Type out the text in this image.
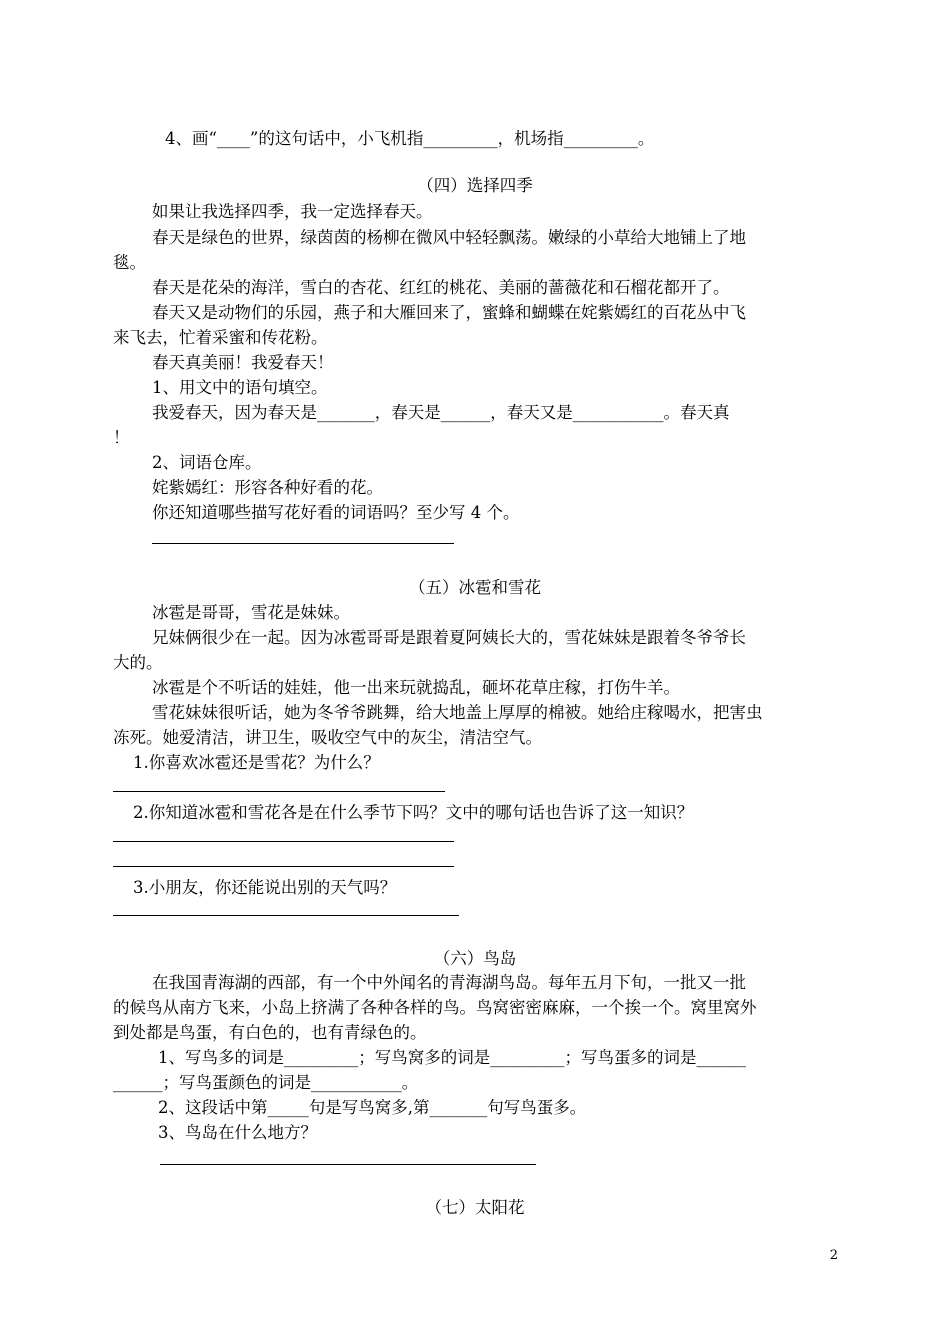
4、画“____”的这句话中，小飞机指_________，机场指_________。
（四）选择四季
如果让我选择四季，我一定选择春天。
春天是绿色的世界，绿茵茵的杨柳在微风中轻轻飘荡。嫩绿的小草给大地铺上了地
毯。
春天是花朵的海洋，雪白的杏花、红红的桃花、美丽的蔷薇花和石榴花都开了。
春天又是动物们的乐园，燕子和大雁回来了，蜜蜂和蝴蝶在姹紫嫣红的百花丛中飞
来飞去，忙着采蜜和传花粉。
春天真美丽！我爱春天！
1、用文中的语句填空。
我爱春天，因为春天是_______，春天是______，春天又是___________。春天真
！
2、词语仓库。
姹紫嫣红：形容各种好看的花。
你还知道哪些描写花好看的词语吗？至少写 4 个。
（五）冰雹和雪花
冰雹是哥哥，雪花是妹妹。
兄妹俩很少在一起。因为冰雹哥哥是跟着夏阿姨长大的，雪花妹妹是跟着冬爷爷长
大的。
冰雹是个不听话的娃娃，他一出来玩就捣乱，砸坏花草庄稼，打伤牛羊。
雪花妹妹很听话，她为冬爷爷跳舞，给大地盖上厚厚的棉被。她给庄稼喝水，把害虫
冻死。她爱清洁，讲卫生，吸收空气中的灰尘，清洁空气。
1.你喜欢冰雹还是雪花？为什么？
2.你知道冰雹和雪花各是在什么季节下吗？文中的哪句话也告诉了这一知识？
3.小朋友，你还能说出别的天气吗？
（六）鸟岛
在我国青海湖的西部，有一个中外闻名的青海湖鸟岛。每年五月下旬，一批又一批
的候鸟从南方飞来，小岛上挤满了各种各样的鸟。鸟窝密密麻麻，一个挨一个。窝里窝外
到处都是鸟蛋，有白色的，也有青绿色的。
1、写鸟多的词是_________；写鸟窝多的词是_________；写鸟蛋多的词是______
______；写鸟蛋颜色的词是___________。
2、这段话中第_____句是写鸟窝多,第_______句写鸟蛋多。
3、鸟岛在什么地方？
（七）太阳花
2
